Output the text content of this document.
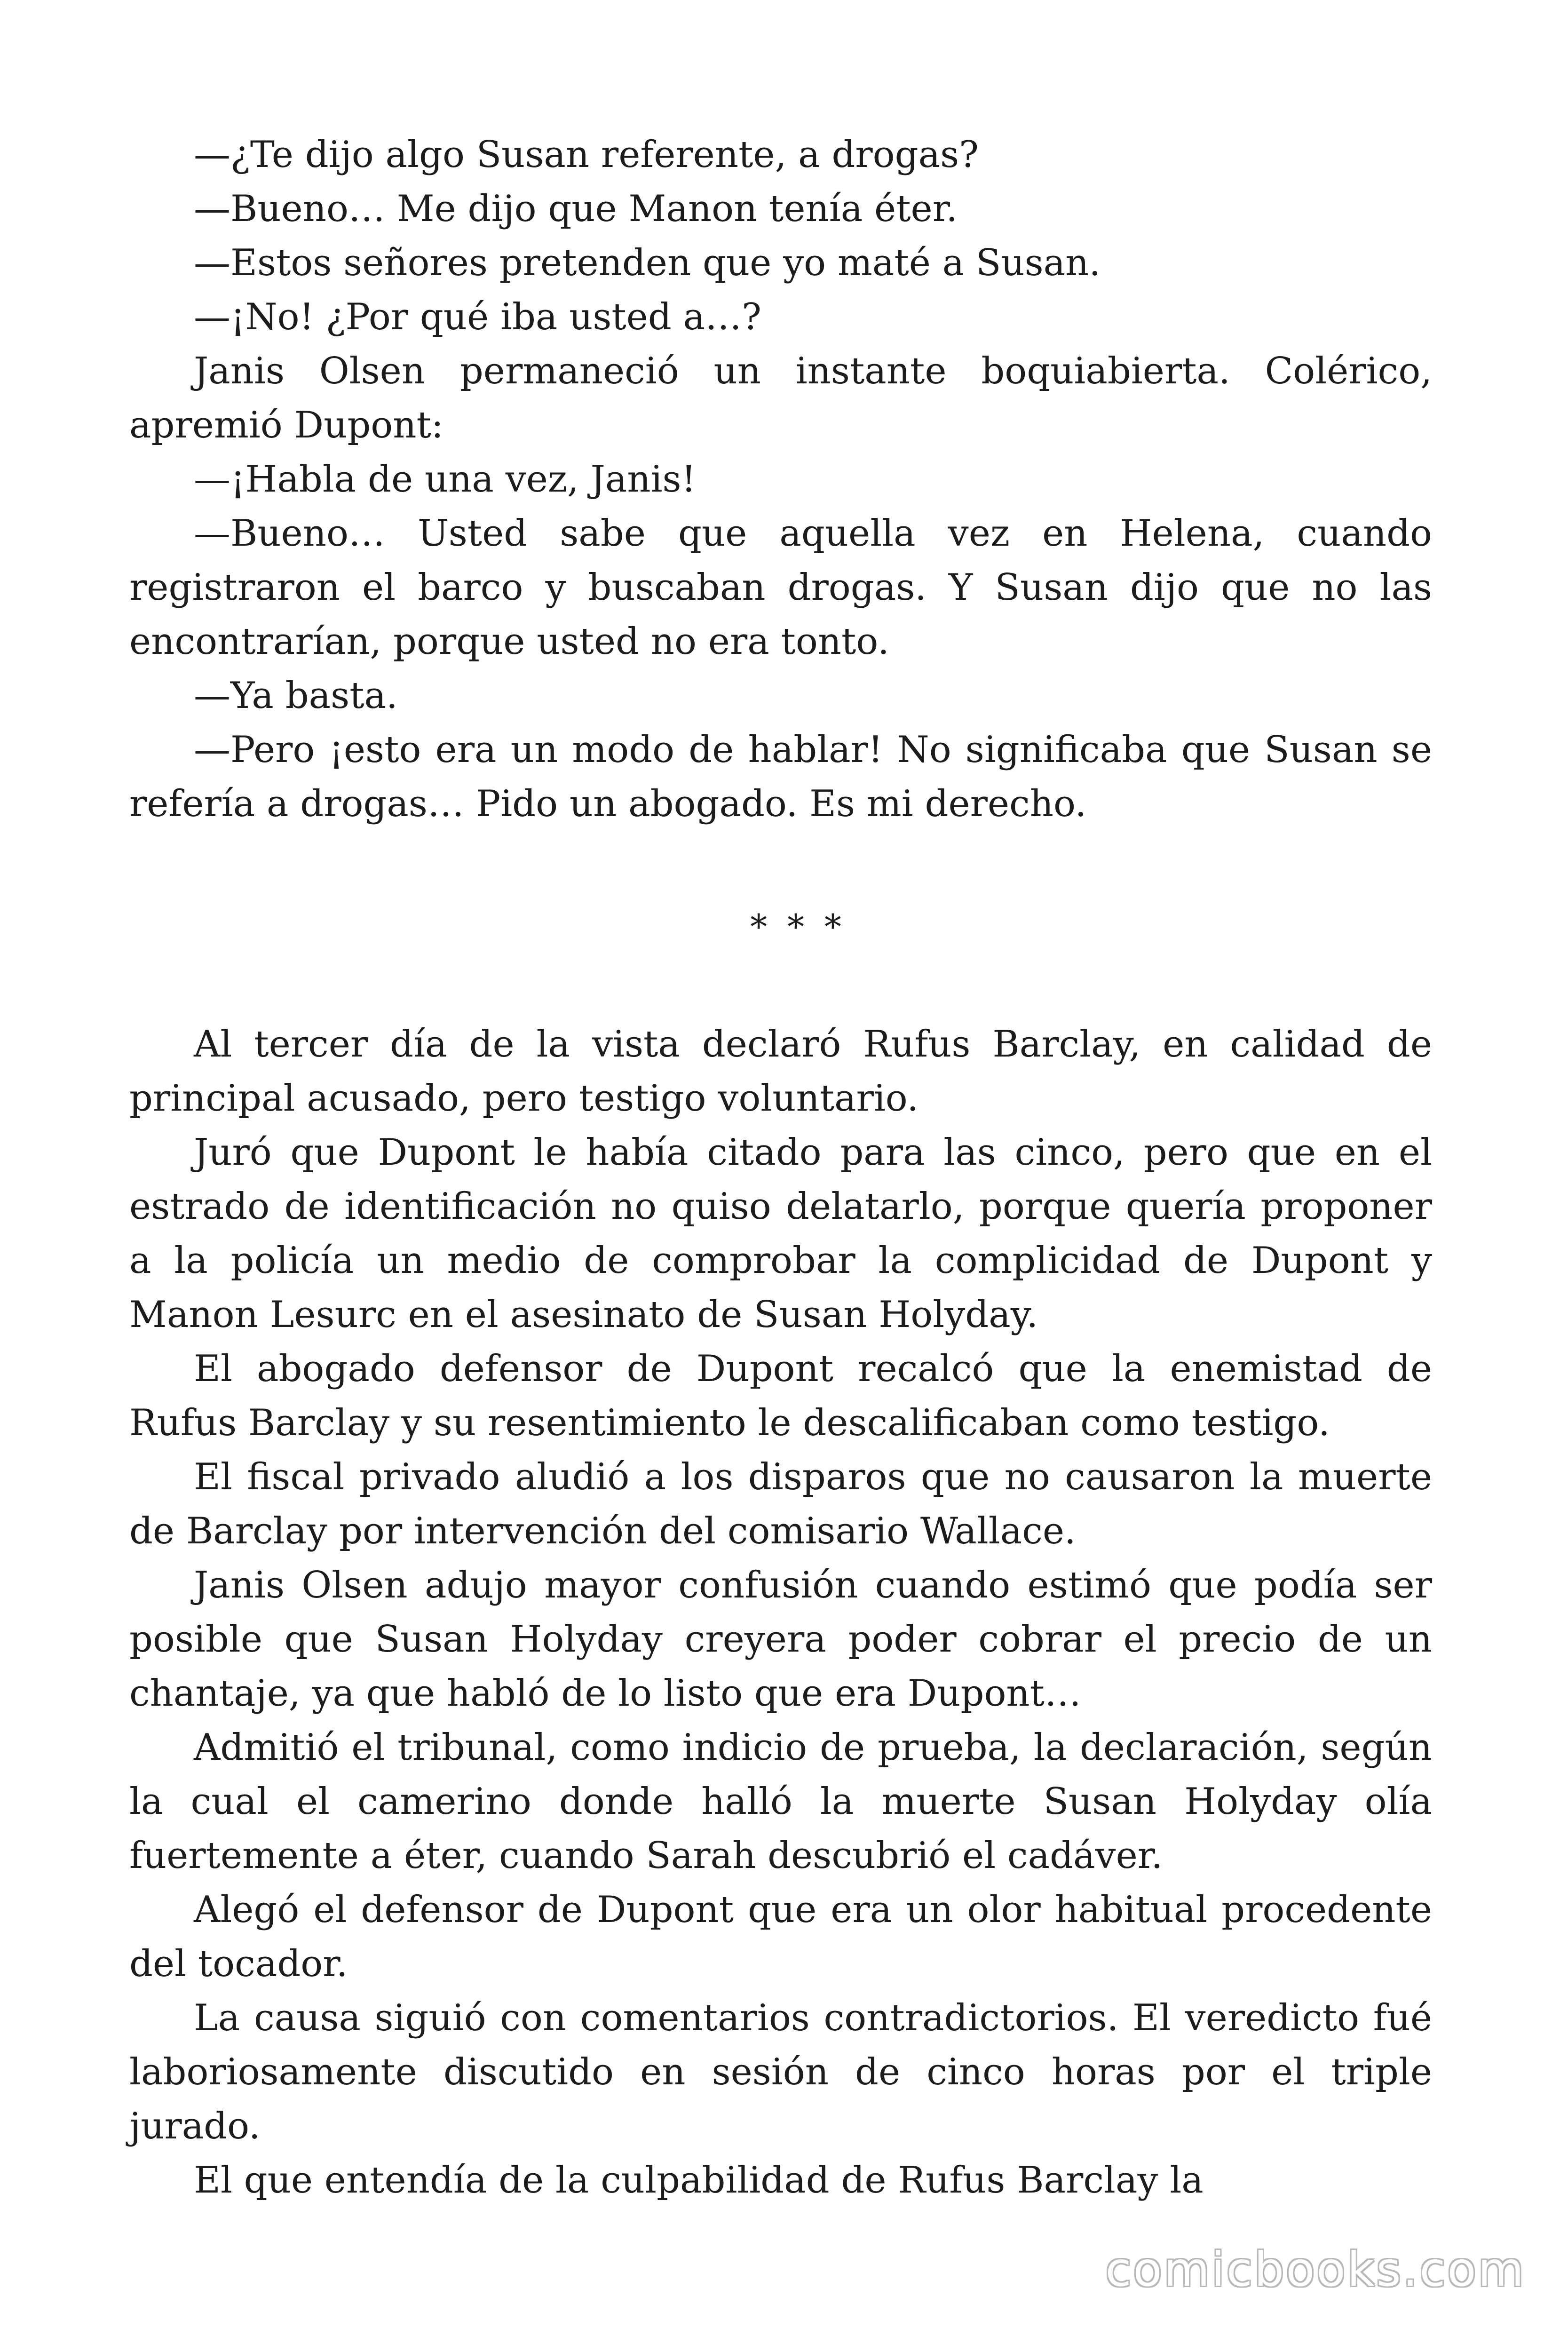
—¿Te dijo algo Susan referente, a drogas?

—Bueno… Me dijo que Manon tenía éter.

—Estos señores pretenden que yo maté a Susan.

—¡No! ¿Por qué iba usted a…?

Janis Olsen permaneció un instante boquiabierta. Colérico, apremió Dupont:

—¡Habla de una vez, Janis!

—Bueno… Usted sabe que aquella vez en Helena, cuando registraron el barco y buscaban drogas. Y Susan dijo que no las encontrarían, porque usted no era tonto.

—Ya basta.

—Pero ¡esto era un modo de hablar! No significaba que Susan se refería a drogas… Pido un abogado. Es mi derecho.

* * *

Al tercer día de la vista declaró Rufus Barclay, en calidad de principal acusado, pero testigo voluntario.

Juró que Dupont le había citado para las cinco, pero que en el estrado de identificación no quiso delatarlo, porque quería proponer a la policía un medio de comprobar la complicidad de Dupont y Manon Lesurc en el asesinato de Susan Holyday.

El abogado defensor de Dupont recalcó que la enemistad de Rufus Barclay y su resentimiento le descalificaban como testigo.

El fiscal privado aludió a los disparos que no causaron la muerte de Barclay por intervención del comisario Wallace.

Janis Olsen adujo mayor confusión cuando estimó que podía ser posible que Susan Holyday creyera poder cobrar el precio de un chantaje, ya que habló de lo listo que era Dupont…

Admitió el tribunal, como indicio de prueba, la declaración, según la cual el camerino donde halló la muerte Susan Holyday olía fuertemente a éter, cuando Sarah descubrió el cadáver.

Alegó el defensor de Dupont que era un olor habitual procedente del tocador.

La causa siguió con comentarios contradictorios. El veredicto fué laboriosamente discutido en sesión de cinco horas por el triple jurado.

El que entendía de la culpabilidad de Rufus Barclay la

comicbooks.com
